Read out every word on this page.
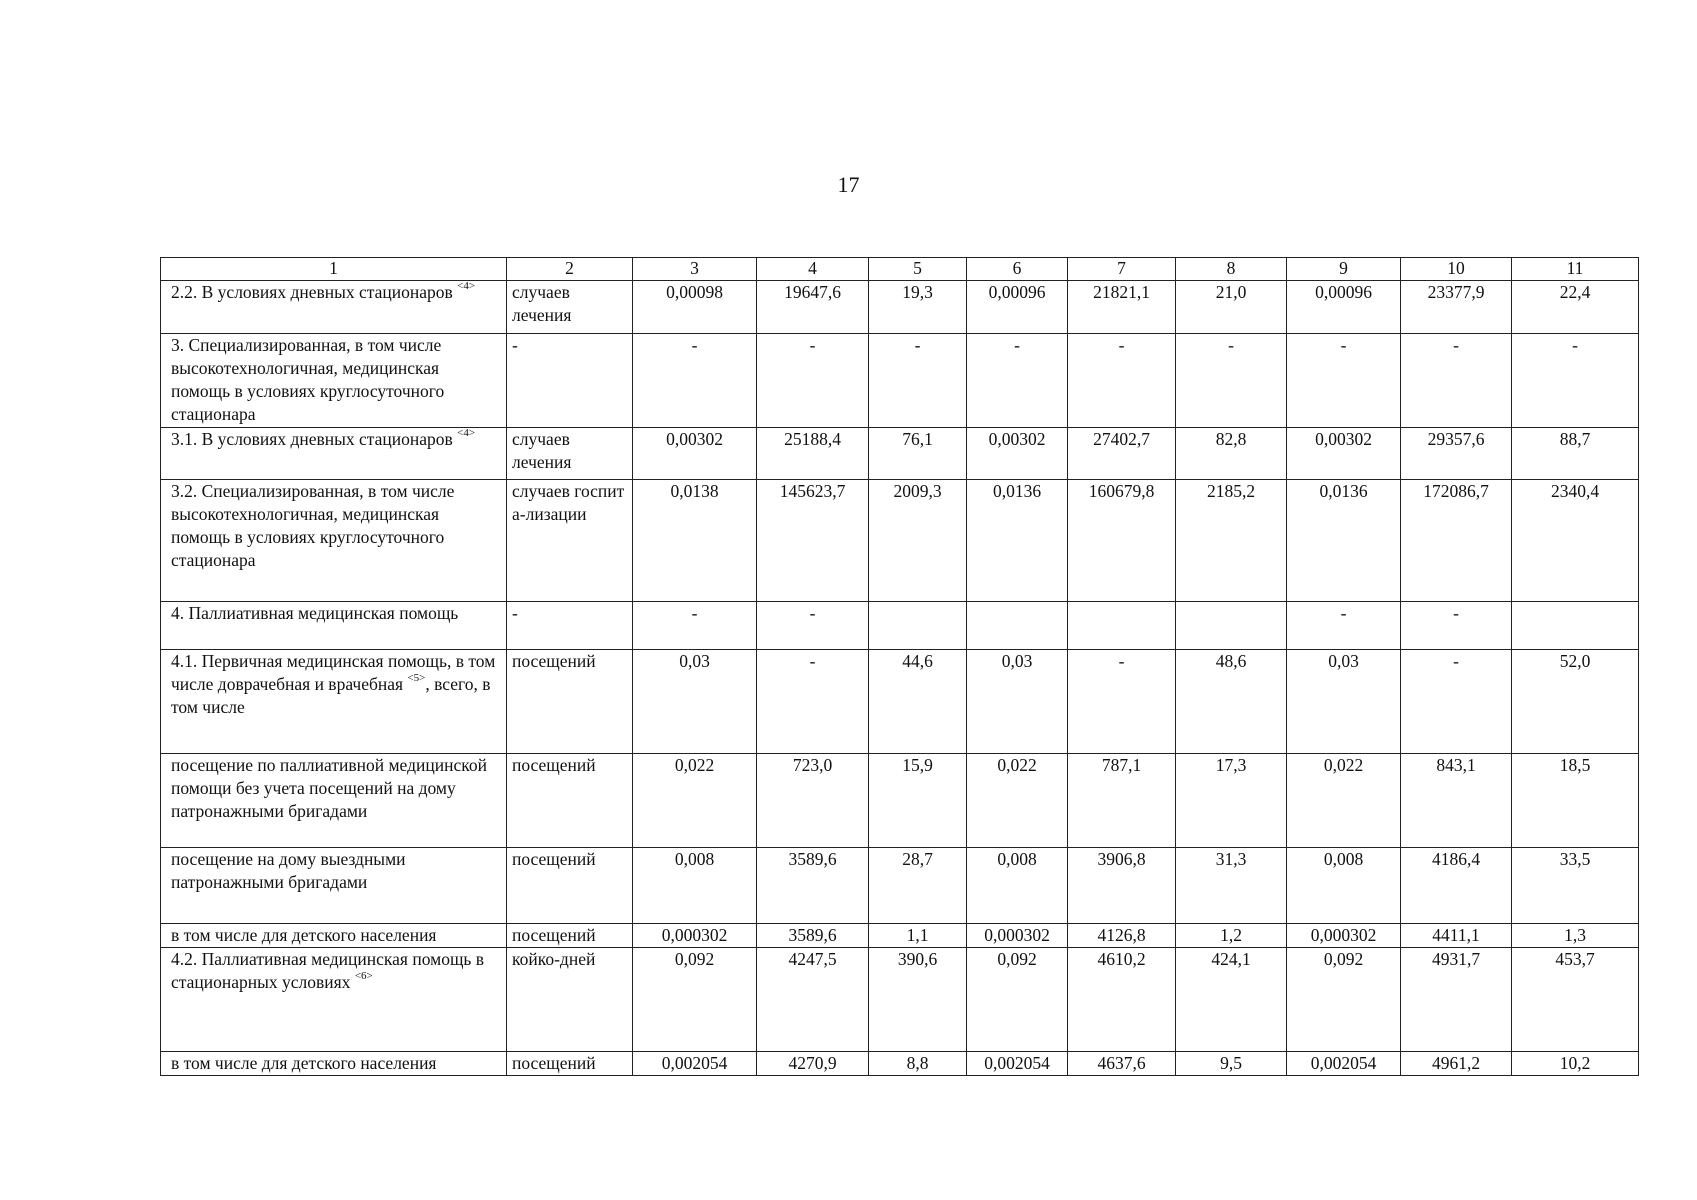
17
1	2	3	4	5	6	7	8	9	10	11
2.2. В условиях дневных стационаров $^{<4>}$	случаев лечения	0,00098	19647,6	19,3	0,00096	21821,1	21,0	0,00096	23377,9	22,4
3. Специализированная, в том числе высокотехнологичная, медицинская помощь в условиях круглосуточного стационара	-	-	-	-	-	-	-	-	-	-
3.1. В условиях дневных стационаров $^{<4>}$	случаев лечения	0,00302	25188,4	76,1	0,00302	27402,7	82,8	0,00302	29357,6	88,7
3.2. Специализированная, в том числе высокотехнологичная, медицинская помощь в условиях круглосуточного стационара	случаев госпита-лизации	0,0138	145623,7	2009,3	0,0136	160679,8	2185,2	0,0136	172086,7	2340,4
4. Паллиативная медицинская помощь	-	-	-					-	-	
4.1. Первичная медицинская помощь, в том числе доврачебная и врачебная $^{<5>}$, всего, в том числе	посещений	0,03	-	44,6	0,03	-	48,6	0,03	-	52,0
посещение по паллиативной медицинской помощи без учета посещений на дому патронажными бригадами	посещений	0,022	723,0	15,9	0,022	787,1	17,3	0,022	843,1	18,5
посещение на дому выездными патронажными бригадами	посещений	0,008	3589,6	28,7	0,008	3906,8	31,3	0,008	4186,4	33,5
в том числе для детского населения	посещений	0,000302	3589,6	1,1	0,000302	4126,8	1,2	0,000302	4411,1	1,3
4.2. Паллиативная медицинская помощь в стационарных условиях $^{<6>}$	койко-дней	0,092	4247,5	390,6	0,092	4610,2	424,1	0,092	4931,7	453,7
в том числе для детского населения	посещений	0,002054	4270,9	8,8	0,002054	4637,6	9,5	0,002054	4961,2	10,2
